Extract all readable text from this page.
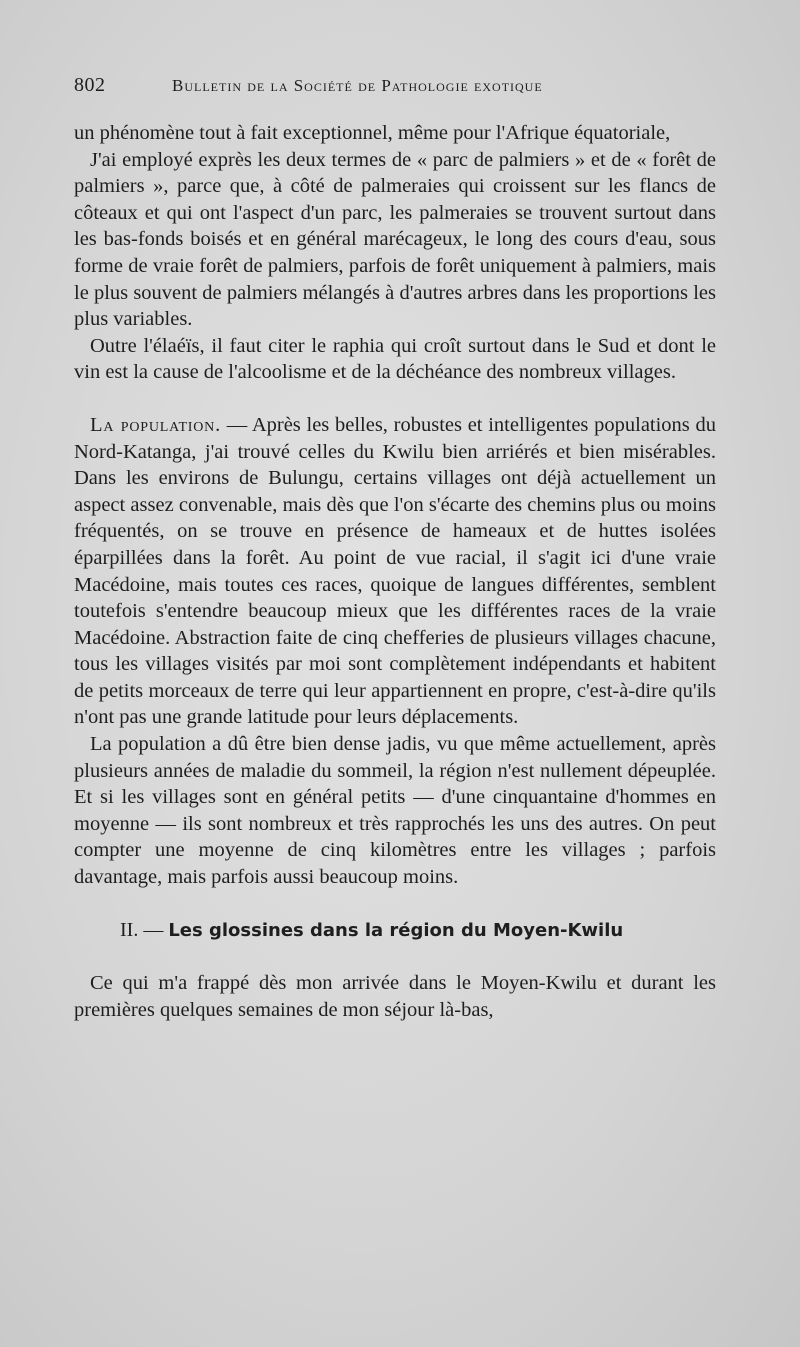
802	Bulletin de la Société de Pathologie exotique

un phénomène tout à fait exceptionnel, même pour l'Afrique équatoriale,

J'ai employé exprès les deux termes de « parc de palmiers » et de « forêt de palmiers », parce que, à côté de palmeraies qui croissent sur les flancs de côteaux et qui ont l'aspect d'un parc, les palmeraies se trouvent surtout dans les bas-fonds boisés et en général marécageux, le long des cours d'eau, sous forme de vraie forêt de palmiers, parfois de forêt uniquement à palmiers, mais le plus souvent de palmiers mélangés à d'autres arbres dans les proportions les plus variables.

Outre l'élaéïs, il faut citer le raphia qui croît surtout dans le Sud et dont le vin est la cause de l'alcoolisme et de la déchéance des nombreux villages.

La population. — Après les belles, robustes et intelligentes populations du Nord-Katanga, j'ai trouvé celles du Kwilu bien arriérés et bien misérables. Dans les environs de Bulungu, certains villages ont déjà actuellement un aspect assez convenable, mais dès que l'on s'écarte des chemins plus ou moins fréquentés, on se trouve en présence de hameaux et de huttes isolées éparpillées dans la forêt. Au point de vue racial, il s'agit ici d'une vraie Macédoine, mais toutes ces races, quoique de langues différentes, semblent toutefois s'entendre beaucoup mieux que les différentes races de la vraie Macédoine. Abstraction faite de cinq chefferies de plusieurs villages chacune, tous les villages visités par moi sont complètement indépendants et habitent de petits morceaux de terre qui leur appartiennent en propre, c'est-à-dire qu'ils n'ont pas une grande latitude pour leurs déplacements.

La population a dû être bien dense jadis, vu que même actuellement, après plusieurs années de maladie du sommeil, la région n'est nullement dépeuplée. Et si les villages sont en général petits — d'une cinquantaine d'hommes en moyenne — ils sont nombreux et très rapprochés les uns des autres. On peut compter une moyenne de cinq kilomètres entre les villages ; parfois davantage, mais parfois aussi beaucoup moins.

II. — Les glossines dans la région du Moyen-Kwilu

Ce qui m'a frappé dès mon arrivée dans le Moyen-Kwilu et durant les premières quelques semaines de mon séjour là-bas,
